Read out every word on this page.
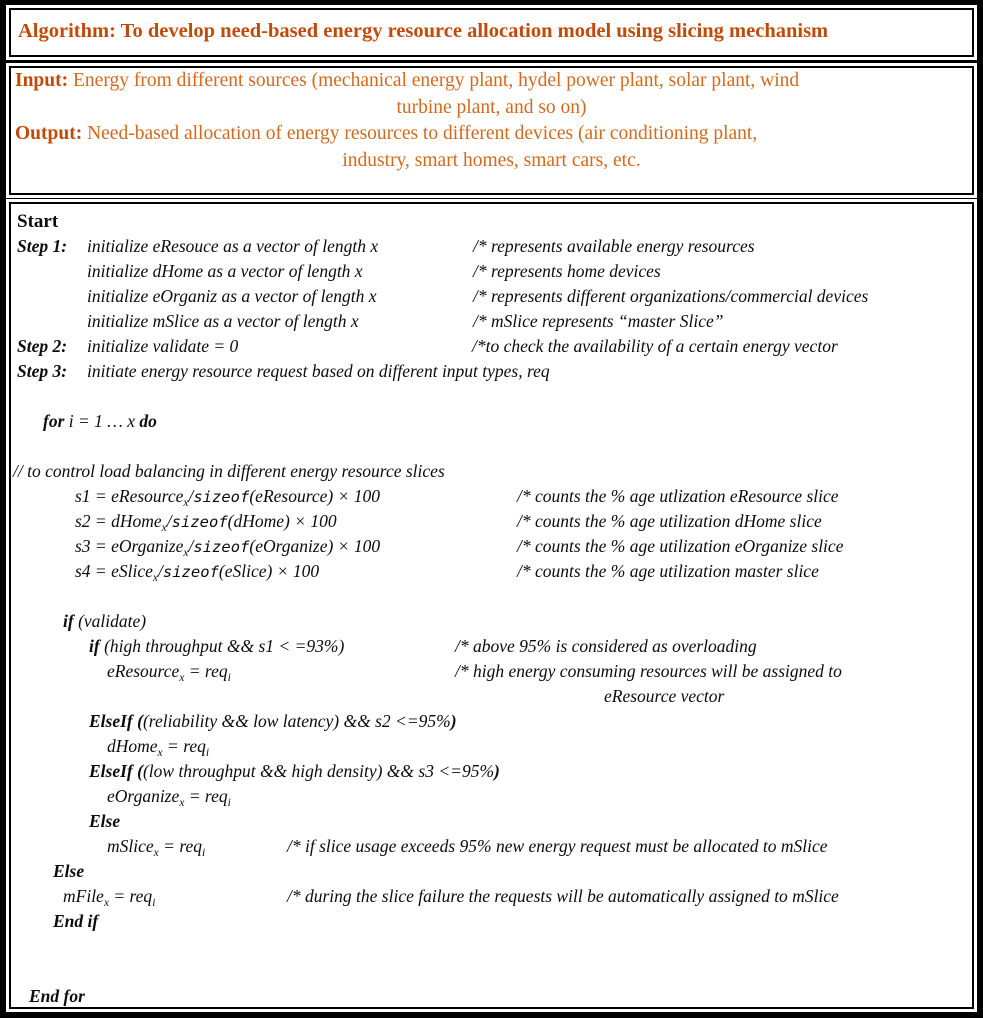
Algorithm: To develop need-based energy resource allocation model using slicing mechanism
Input: Energy from different sources (mechanical energy plant, hydel power plant, solar plant, wind
turbine plant, and so on)
Output: Need-based allocation of energy resources to different devices (air conditioning plant,
industry, smart homes, smart cars, etc.
Start
Step 1: initialize eResouce as a vector of length x	/* represents available energy resources
initialize dHome as a vector of length x	/* represents home devices
initialize eOrganiz as a vector of length x	/* represents different organizations/commercial devices
initialize mSlice as a vector of length x	/* mSlice represents “master Slice”
Step 2: initialize validate = 0	/*to check the availability of a certain energy vector
Step 3: initiate energy resource request based on different input types, req
for i = 1 … x do
// to control load balancing in different energy resource slices
s1 = eResource$_x$/sizeof(eResource) × 100	/* counts the % age utlization eResource slice
s2 = dHome$_x$/sizeof(dHome) × 100	/* counts the % age utilization dHome slice
s3 = eOrganize$_x$/sizeof(eOrganize) × 100	/* counts the % age utilization eOrganize slice
s4 = eSlice$_x$/sizeof(eSlice) × 100	/* counts the % age utilization master slice
if (validate)
if (high throughput && s1 < =93%)	/* above 95% is considered as overloading
eResource$_x$ = req$_i$	/* high energy consuming resources will be assigned to
eResource vector
ElseIf ((reliability && low latency) && s2 <=95%)
dHome$_x$ = req$_i$
ElseIf ((low throughput && high density) && s3 <=95%)
eOrganize$_x$ = req$_i$
Else
mSlice$_x$ = req$_i$	/* if slice usage exceeds 95% new energy request must be allocated to mSlice
Else
mFile$_x$ = req$_i$	/* during the slice failure the requests will be automatically assigned to mSlice
End if
End for
